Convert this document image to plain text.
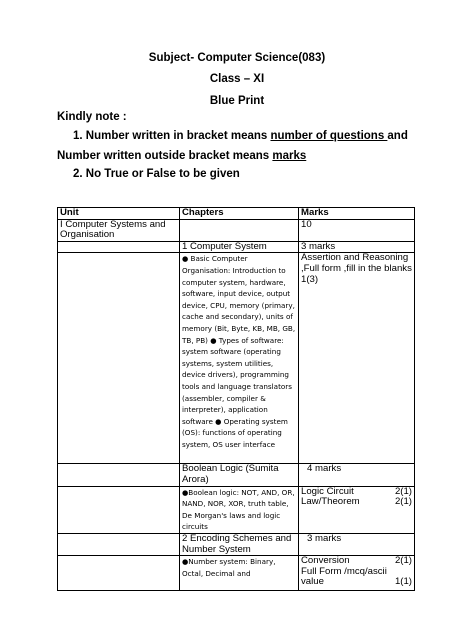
Subject- Computer Science(083)
Class – XI
Blue Print
Kindly note :
1. Number written in bracket means number of questions and
Number written outside bracket means marks
2. No True or False to be given
Unit	Chapters	Marks
I Computer Systems and Organisation		10
	1 Computer System	3 marks
	● Basic Computer Organisation: Introduction to computer system, hardware, software, input device, output device, CPU, memory (primary, cache and secondary), units of memory (Bit, Byte, KB, MB, GB, TB, PB) ● Types of software: system software (operating systems, system utilities, device drivers), programming tools and language translators (assembler, compiler & interpreter), application software ● Operating system (OS): functions of operating system, OS user interface	Assertion and Reasoning ,Full form ,fill in the blanks
1(3)

	Boolean Logic (Sumita Arora)	4 marks
	●Boolean logic: NOT, AND, OR, NAND, NOR, XOR, truth table, De Morgan's laws and logic circuits	Logic Circuit 2(1)
Law/Theorem 2(1)

	2 Encoding Schemes and Number System	3 marks
	●Number system: Binary, Octal, Decimal and	Conversion 2(1)
Full Form /mcq/ascii
value 1(1)
